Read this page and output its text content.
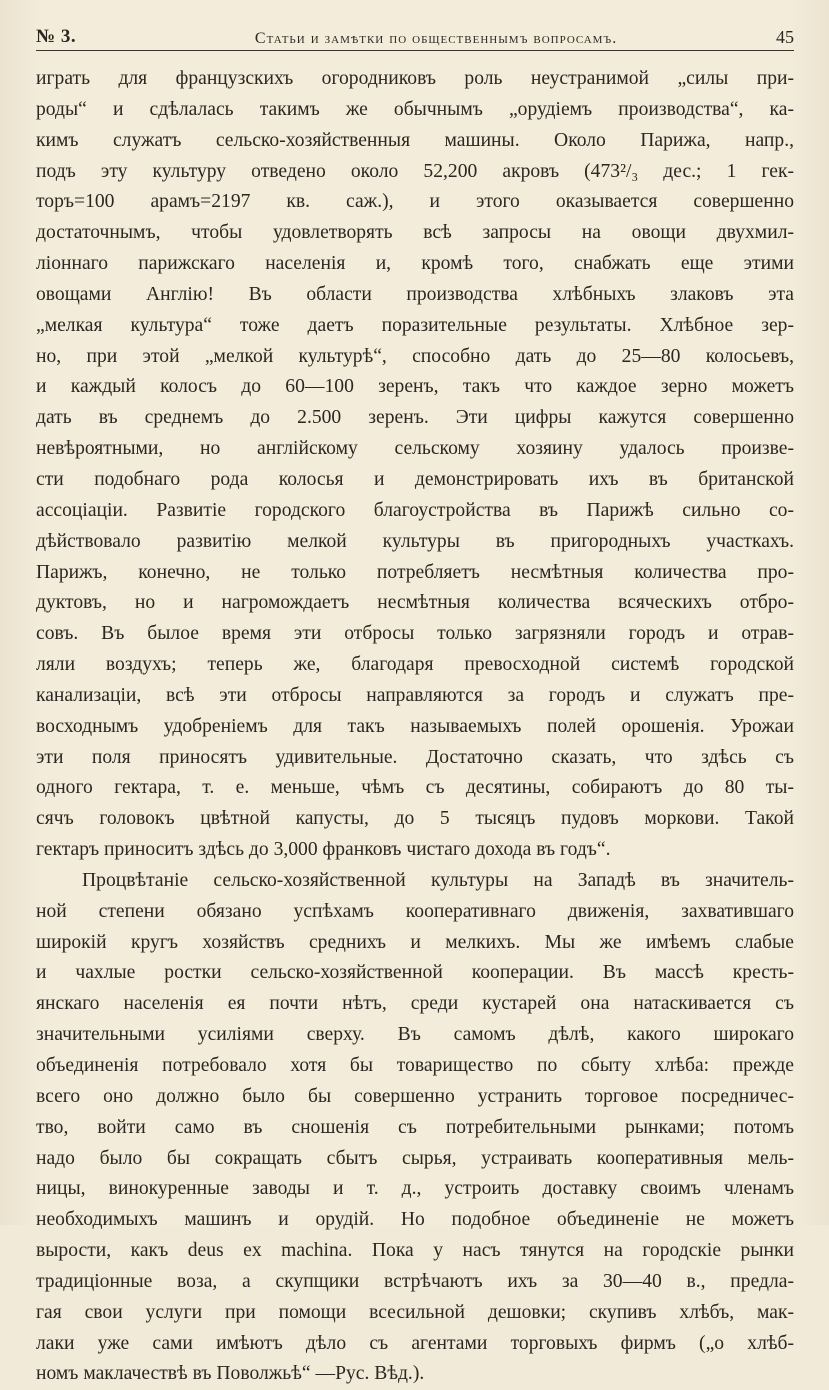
№ 3.	Статьи и замѣтки по общественнымъ вопросамъ.	45
играть для французскихъ огородниковъ роль неустранимой „силы при-
роды“ и сдѣлалась такимъ же обычнымъ „орудіемъ производства“, ка-
кимъ служатъ сельско-хозяйственныя машины. Около Парижа, напр.,
подъ эту культуру отведено около 52,200 акровъ (473²/₃ дес.; 1 гек-
торъ=100 арамъ=2197 кв. саж.), и этого оказывается совершенно
достаточнымъ, чтобы удовлетворять всѣ запросы на овощи двухмил-
ліоннаго парижскаго населенія и, кромѣ того, снабжать еще этими
овощами Англію! Въ области производства хлѣбныхъ злаковъ эта
„мелкая культура“ тоже даетъ поразительные результаты. Хлѣбное зер-
но, при этой „мелкой культурѣ“, способно дать до 25—80 колосьевъ,
и каждый колосъ до 60—100 зеренъ, такъ что каждое зерно можетъ
дать въ среднемъ до 2.500 зеренъ. Эти цифры кажутся совершенно
невѣроятными, но англійскому сельскому хозяину удалось произве-
сти подобнаго рода колосья и демонстрировать ихъ въ британской
ассоціаціи. Развитіе городского благоустройства въ Парижѣ сильно со-
дѣйствовало развитію мелкой культуры въ пригородныхъ участкахъ.
Парижъ, конечно, не только потребляетъ несмѣтныя количества про-
дуктовъ, но и нагромождаетъ несмѣтныя количества всяческихъ отбро-
совъ. Въ былое время эти отбросы только загрязняли городъ и отрав-
ляли воздухъ; теперь же, благодаря превосходной системѣ городской
канализаціи, всѣ эти отбросы направляются за городъ и служатъ пре-
восходнымъ удобреніемъ для такъ называемыхъ полей орошенія. Урожаи
эти поля приносятъ удивительные. Достаточно сказать, что здѣсь съ
одного гектара, т. е. меньше, чѣмъ съ десятины, собираютъ до 80 ты-
сячъ головокъ цвѣтной капусты, до 5 тысяцъ пудовъ моркови. Такой
гектаръ приноситъ здѣсь до 3,000 франковъ чистаго дохода въ годъ“.
Процвѣтаніе сельско-хозяйственной культуры на Западѣ въ значитель-
ной степени обязано успѣхамъ кооперативнаго движенія, захватившаго
широкій кругъ хозяйствъ среднихъ и мелкихъ. Мы же имѣемъ слабые
и чахлые ростки сельско-хозяйственной кооперации. Въ массѣ кресть-
янскаго населенія ея почти нѣтъ, среди кустарей она натаскивается съ
значительными усиліями сверху. Въ самомъ дѣлѣ, какого широкаго
объединенія потребовало хотя бы товарищество по сбыту хлѣба: прежде
всего оно должно было бы совершенно устранить торговое посредничес-
тво, войти само въ сношенія съ потребительными рынками; потомъ
надо было бы сокращать сбытъ сырья, устраивать кооперативныя мель-
ницы, винокуренные заводы и т. д., устроить доставку своимъ членамъ
необходимыхъ машинъ и орудій. Но подобное объединеніе не можетъ
вырости, какъ deus ex machina. Пока у насъ тянутся на городскіе рынки
традиціонные воза, а скупщики встрѣчаютъ ихъ за 30—40 в., предла-
гая свои услуги при помощи всесильной дешовки; скупивъ хлѣбъ, мак-
лаки уже сами имѣютъ дѣло съ агентами торговыхъ фирмъ („о хлѣб-
номъ маклачествѣ въ Поволжьѣ“ —Рус. Вѣд.).
